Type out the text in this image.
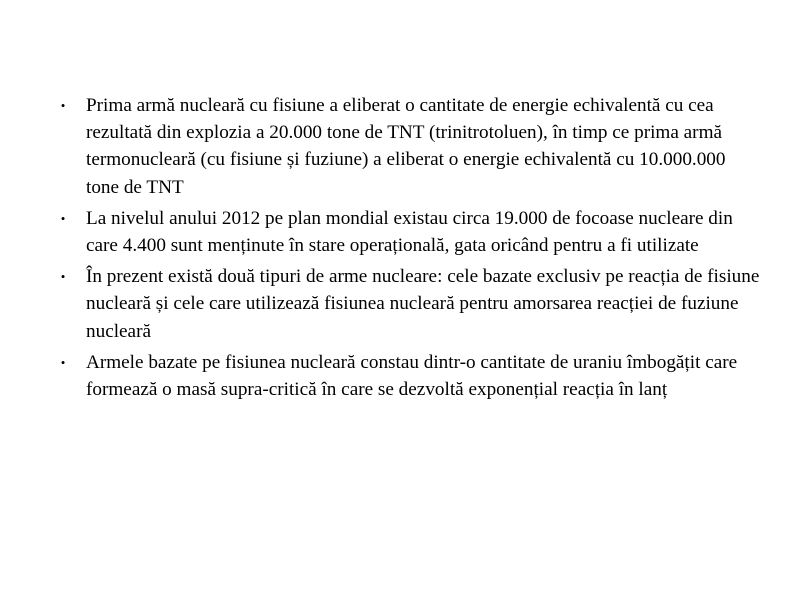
• Prima armă nucleară cu fisiune a eliberat o cantitate de energie echivalentă cu cea rezultată din explozia a 20.000 tone de TNT (trinitrotoluen), în timp ce prima armă termonucleară (cu fisiune și fuziune) a eliberat o energie echivalentă cu 10.000.000 tone de TNT
• La nivelul anului 2012 pe plan mondial existau circa 19.000 de focoase nucleare din care 4.400 sunt menținute în stare operațională, gata oricând pentru a fi utilizate
• În prezent există două tipuri de arme nucleare: cele bazate exclusiv pe reacția de fisiune nucleară și cele care utilizează fisiunea nucleară pentru amorsarea reacției de fuziune nucleară
• Armele bazate pe fisiunea nucleară constau dintr-o cantitate de uraniu îmbogățit care formează o masă supra-critică în care se dezvoltă exponențial reacția în lanț
